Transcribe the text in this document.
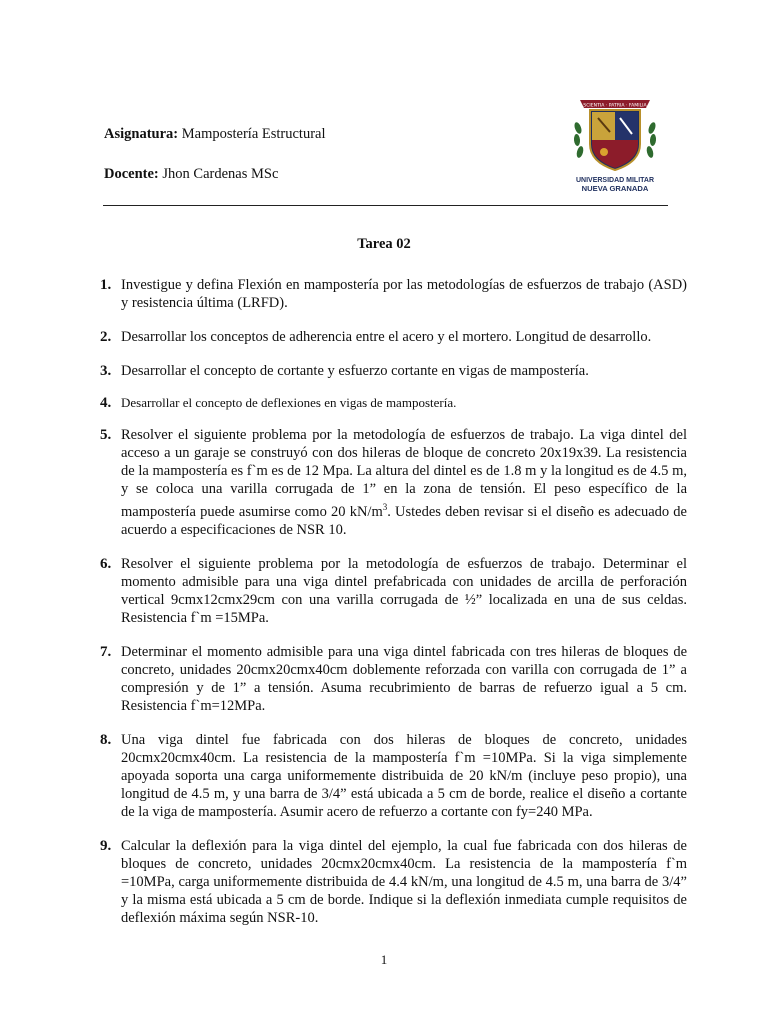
Asignatura: Mampostería Estructural
Docente: Jhon Cardenas MSc
SCIENTIA · PATRIA · FAMILIA
UNIVERSIDAD MILITAR
NUEVA GRANADA
Tarea 02
1. Investigue y defina Flexión en mampostería por las metodologías de esfuerzos de trabajo (ASD) y resistencia última (LRFD).
2. Desarrollar los conceptos de adherencia entre el acero y el mortero. Longitud de desarrollo.
3. Desarrollar el concepto de cortante y esfuerzo cortante en vigas de mampostería.
4. Desarrollar el concepto de deflexiones en vigas de mampostería.
5. Resolver el siguiente problema por la metodología de esfuerzos de trabajo. La viga dintel del acceso a un garaje se construyó con dos hileras de bloque de concreto 20x19x39. La resistencia de la mampostería es f`m es de 12 Mpa. La altura del dintel es de 1.8 m y la longitud es de 4.5 m, y se coloca una varilla corrugada de 1” en la zona de tensión. El peso específico de la mampostería puede asumirse como 20 $kN/m^3$. Ustedes deben revisar si el diseño es adecuado de acuerdo a especificaciones de NSR 10.
6. Resolver el siguiente problema por la metodología de esfuerzos de trabajo. Determinar el momento admisible para una viga dintel prefabricada con unidades de arcilla de perforación vertical 9cmx12cmx29cm con una varilla corrugada de ½” localizada en una de sus celdas. Resistencia f`m =15MPa.
7. Determinar el momento admisible para una viga dintel fabricada con tres hileras de bloques de concreto, unidades 20cmx20cmx40cm doblemente reforzada con varilla con corrugada de 1” a compresión y de 1” a tensión. Asuma recubrimiento de barras de refuerzo igual a 5 cm. Resistencia f`m=12MPa.
8. Una viga dintel fue fabricada con dos hileras de bloques de concreto, unidades 20cmx20cmx40cm. La resistencia de la mampostería f`m =10MPa. Si la viga simplemente apoyada soporta una carga uniformemente distribuida de 20 kN/m (incluye peso propio), una longitud de 4.5 m, y una barra de 3/4” está ubicada a 5 cm de borde, realice el diseño a cortante de la viga de mampostería. Asumir acero de refuerzo a cortante con fy=240 MPa.
9. Calcular la deflexión para la viga dintel del ejemplo, la cual fue fabricada con dos hileras de bloques de concreto, unidades 20cmx20cmx40cm. La resistencia de la mampostería f`m =10MPa, carga uniformemente distribuida de 4.4 kN/m, una longitud de 4.5 m, una barra de 3/4” y la misma está ubicada a 5 cm de borde. Indique si la deflexión inmediata cumple requisitos de deflexión máxima según NSR-10.
1
